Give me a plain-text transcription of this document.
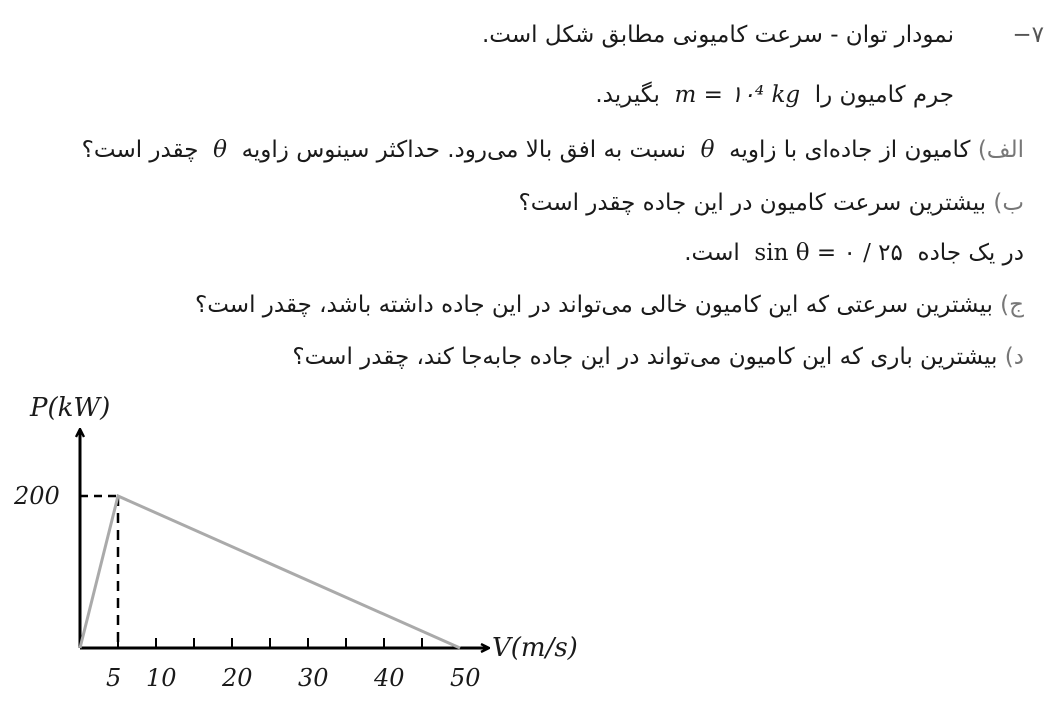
۷−
نمودار توان - سرعت کامیونی مطابق شکل است.
جرم کامیون را  m = ۱۰⁴ kg  بگیرید.
الف) کامیون از جاده‌ای با زاویه  θ  نسبت به افق بالا می‌رود. حداکثر سینوس زاویه  θ  چقدر است؟
ب) بیشترین سرعت کامیون در این جاده چقدر است؟
در یک جاده  sin θ = ۰ / ۲۵  است.
ج) بیشترین سرعتی که این کامیون خالی می‌تواند در این جاده داشته باشد، چقدر است؟
د) بیشترین باری که این کامیون می‌تواند در این جاده جابه‌جا کند، چقدر است؟
5 10 20 30 40 50
200
P(kW)
V(m/s)
